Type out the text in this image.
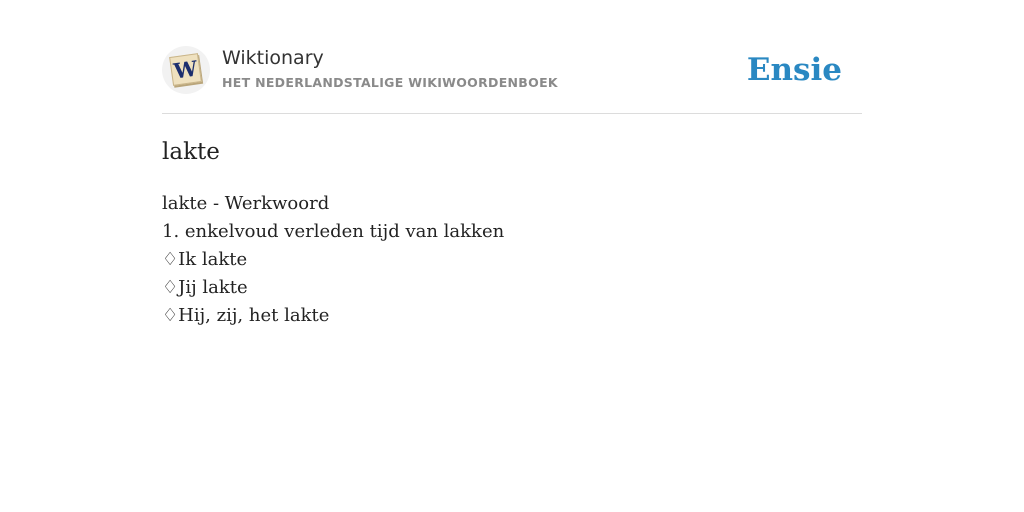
W Wiktionary
HET NEDERLANDSTALIGE WIKIWOORDENBOEK	Ensie
lakte
lakte - Werkwoord
1. enkelvoud verleden tijd van lakken
♢Ik lakte
♢Jij lakte
♢Hij, zij, het lakte
